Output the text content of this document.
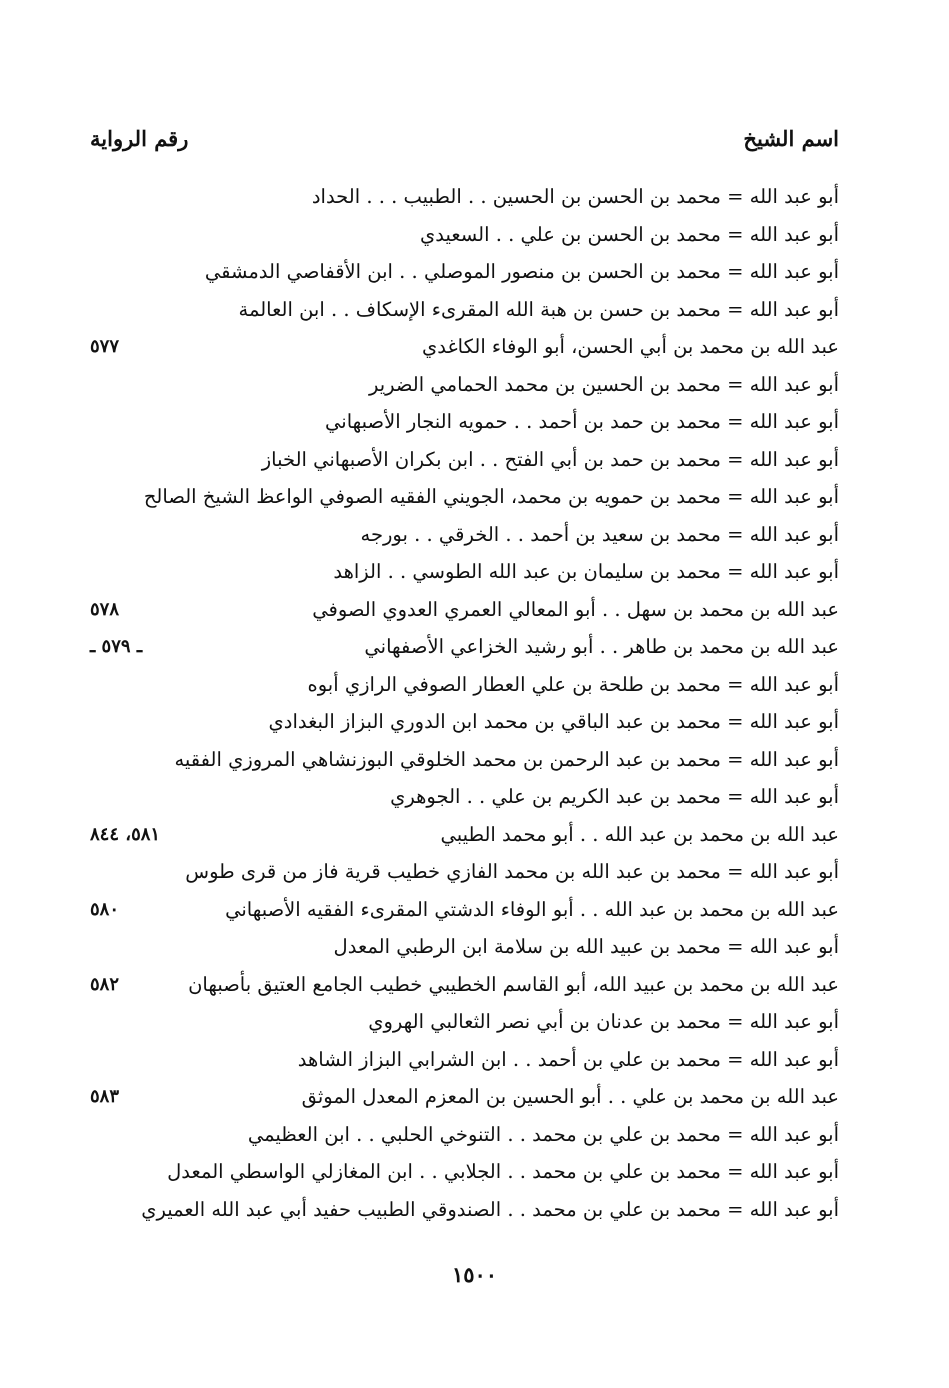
اسم الشيخ
رقم الرواية
أبو عبد الله = محمد بن الحسن بن الحسين . . الطبيب . . . الحداد
أبو عبد الله = محمد بن الحسن بن علي . . السعيدي
أبو عبد الله = محمد بن الحسن بن منصور الموصلي . . ابن الأقفاصي الدمشقي
أبو عبد الله = محمد بن حسن بن هبة الله المقرىء الإسكاف . . ابن العالمة
عبد الله بن محمد بن أبي الحسن، أبو الوفاء الكاغدي
٥٧٧
أبو عبد الله = محمد بن الحسين بن محمد الحمامي الضرير
أبو عبد الله = محمد بن حمد بن أحمد . . حمويه النجار الأصبهاني
أبو عبد الله = محمد بن حمد بن أبي الفتح . . ابن بكران الأصبهاني الخباز
أبو عبد الله = محمد بن حمويه بن محمد، الجويني الفقيه الصوفي الواعظ الشيخ الصالح
أبو عبد الله = محمد بن سعيد بن أحمد . . الخرقي . . بورجه
أبو عبد الله = محمد بن سليمان بن عبد الله الطوسي . . الزاهد
عبد الله بن محمد بن سهل . . أبو المعالي العمري العدوي الصوفي
٥٧٨
عبد الله بن محمد بن طاهر . . أبو رشيد الخزاعي الأصفهاني
ـ ٥٧٩ ـ
أبو عبد الله = محمد بن طلحة بن علي العطار الصوفي الرازي أبوه
أبو عبد الله = محمد بن عبد الباقي بن محمد ابن الدوري البزاز البغدادي
أبو عبد الله = محمد بن عبد الرحمن بن محمد الخلوقي البوزنشاهي المروزي الفقيه
أبو عبد الله = محمد بن عبد الكريم بن علي . . الجوهري
عبد الله بن محمد بن عبد الله . . أبو محمد الطيبي
٥٨١، ٨٤٤
أبو عبد الله = محمد بن عبد الله بن محمد الفازي خطيب قرية فاز من قرى طوس
عبد الله بن محمد بن عبد الله . . أبو الوفاء الدشتي المقرىء الفقيه الأصبهاني
٥٨٠
أبو عبد الله = محمد بن عبيد الله بن سلامة ابن الرطبي المعدل
عبد الله بن محمد بن عبيد الله، أبو القاسم الخطيبي خطيب الجامع العتيق بأصبهان
٥٨٢
أبو عبد الله = محمد بن عدنان بن أبي نصر الثعالبي الهروي
أبو عبد الله = محمد بن علي بن أحمد . . ابن الشرابي البزاز الشاهد
عبد الله بن محمد بن علي . . أبو الحسين بن المعزم المعدل الموثق
٥٨٣
أبو عبد الله = محمد بن علي بن محمد . . التنوخي الحلبي . . ابن العظيمي
أبو عبد الله = محمد بن علي بن محمد . . الجلابي . . ابن المغازلي الواسطي المعدل
أبو عبد الله = محمد بن علي بن محمد . . الصندوقي الطبيب حفيد أبي عبد الله العميري
١٥٠٠
